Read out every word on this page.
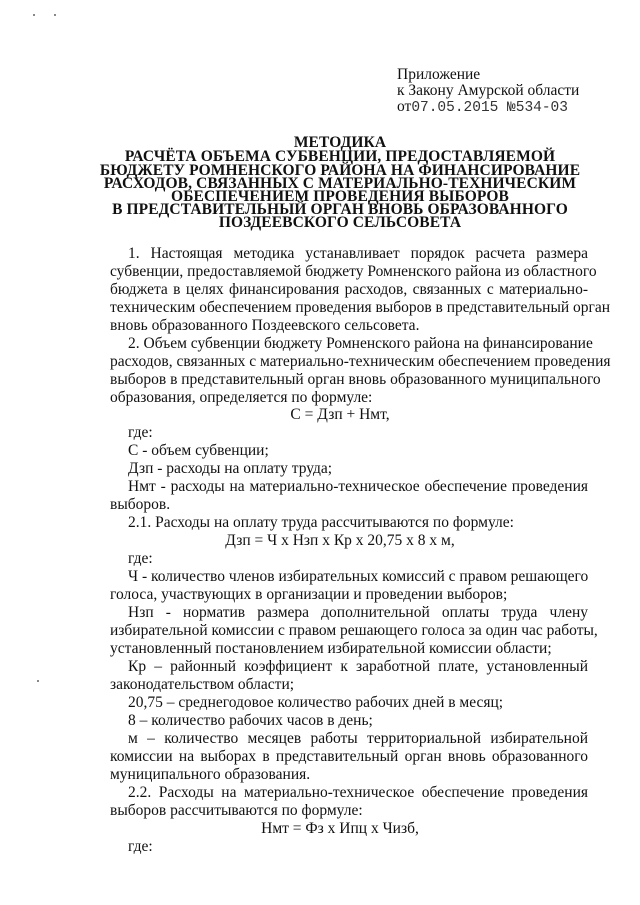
Приложение
к Закону Амурской области
от07.05.2015 №534-03
МЕТОДИКА
РАСЧЁТА ОБЪЕМА СУБВЕНЦИИ, ПРЕДОСТАВЛЯЕМОЙ
БЮДЖЕТУ РОМНЕНСКОГО РАЙОНА НА ФИНАНСИРОВАНИЕ
РАСХОДОВ, СВЯЗАННЫХ С МАТЕРИАЛЬНО-ТЕХНИЧЕСКИМ
ОБЕСПЕЧЕНИЕМ ПРОВЕДЕНИЯ ВЫБОРОВ
В ПРЕДСТАВИТЕЛЬНЫЙ ОРГАН ВНОВЬ ОБРАЗОВАННОГО
ПОЗДЕЕВСКОГО СЕЛЬСОВЕТА
1. Настоящая методика устанавливает порядок расчета размера
субвенции, предоставляемой бюджету Ромненского района из областного
бюджета в целях финансирования расходов, связанных с материально-
техническим обеспечением проведения выборов в представительный орган
вновь образованного Поздеевского сельсовета.
2. Объем субвенции бюджету Ромненского района на финансирование
расходов, связанных с материально-техническим обеспечением проведения
выборов в представительный орган вновь образованного муниципального
образования, определяется по формуле:
С = Дзп + Нмт,
где:
С - объем субвенции;
Дзп - расходы на оплату труда;
Нмт - расходы на материально-техническое обеспечение проведения
выборов.
2.1. Расходы на оплату труда рассчитываются по формуле:
Дзп = Ч х Нзп х Кр х 20,75 х 8 х м,
где:
Ч - количество членов избирательных комиссий с правом решающего
голоса, участвующих в организации и проведении выборов;
Нзп - норматив размера дополнительной оплаты труда члену
избирательной комиссии с правом решающего голоса за один час работы,
установленный постановлением избирательной комиссии области;
Кр – районный коэффициент к заработной плате, установленный
законодательством области;
20,75 – среднегодовое количество рабочих дней в месяц;
8 – количество рабочих часов в день;
м – количество месяцев работы территориальной избирательной
комиссии на выборах в представительный орган вновь образованного
муниципального образования.
2.2. Расходы на материально-техническое обеспечение проведения
выборов рассчитываются по формуле:
Нмт = Фз х Ипц х Чизб,
где:
